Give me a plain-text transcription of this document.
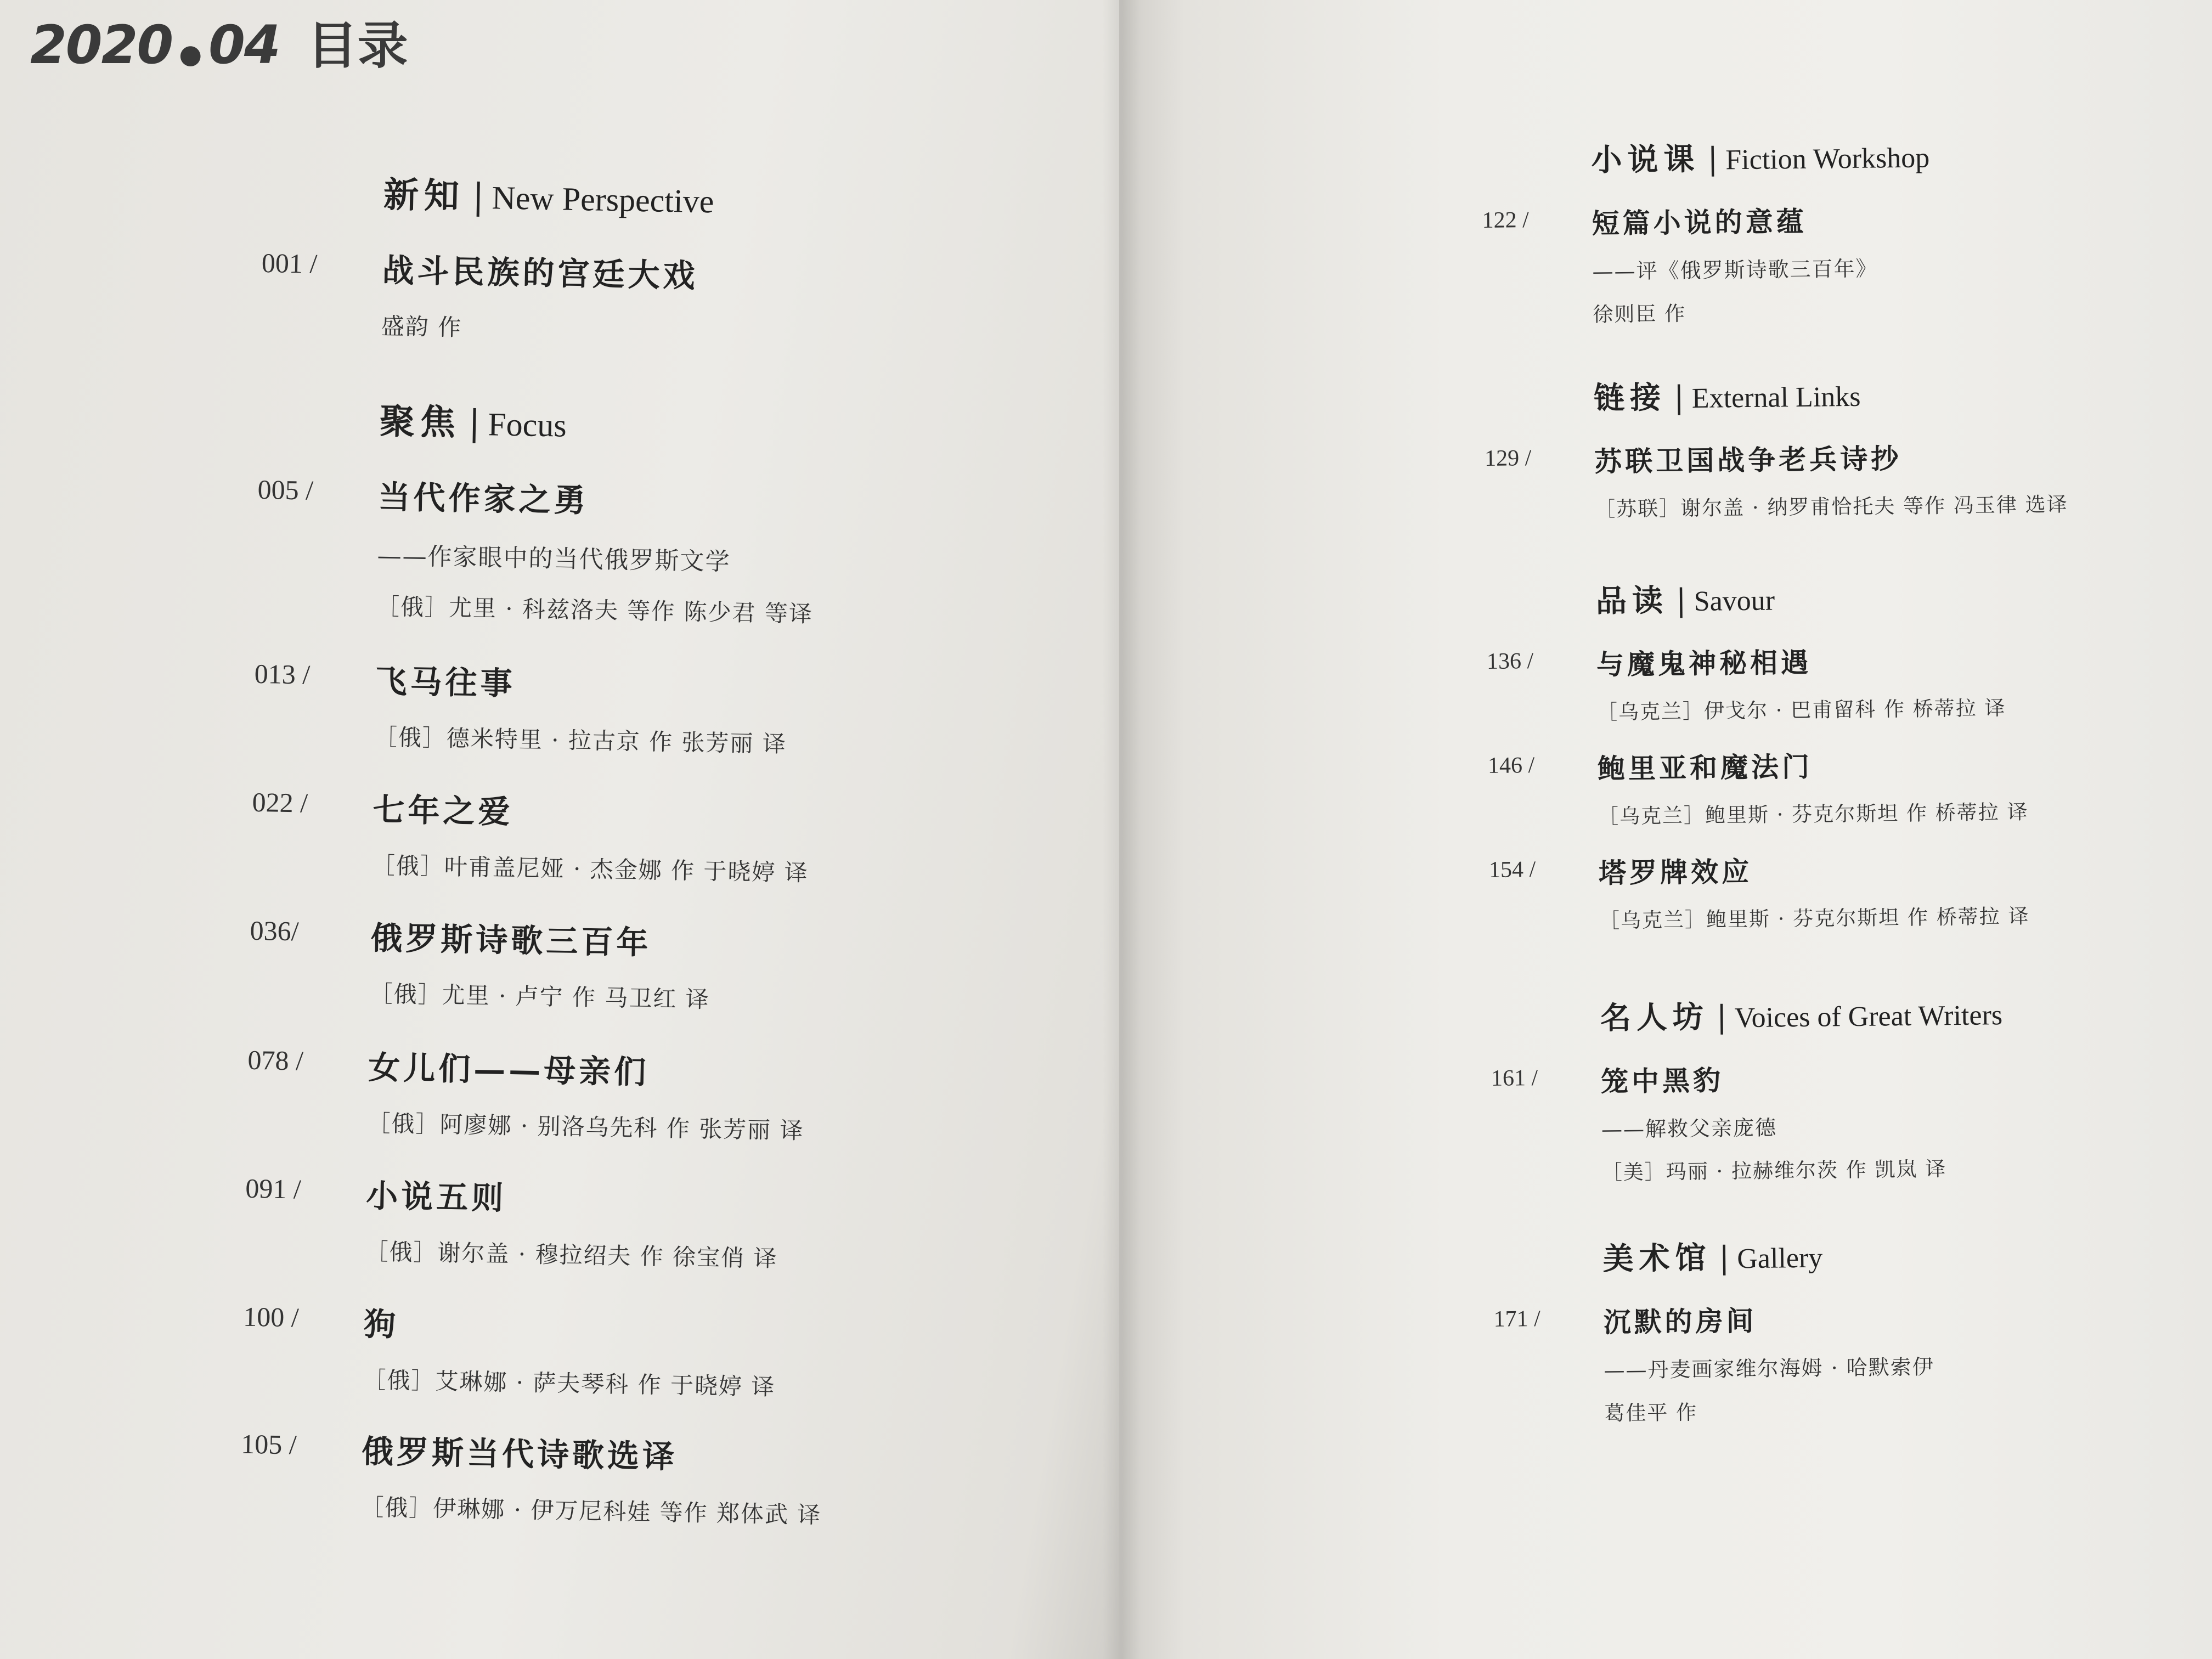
2020 ● 04 目录
新知 | New Perspective
001 /	战斗民族的宫廷大戏
盛韵 作
聚焦 | Focus
005 /	当代作家之勇
——作家眼中的当代俄罗斯文学
［俄］尤里 · 科兹洛夫 等作 陈少君 等译
013 /	飞马往事
［俄］德米特里 · 拉古京 作 张芳丽 译
022 /	七年之爱
［俄］叶甫盖尼娅 · 杰金娜 作 于晓婷 译
036/	俄罗斯诗歌三百年
［俄］尤里 · 卢宁 作 马卫红 译
078 /	女儿们——母亲们
［俄］阿廖娜 · 别洛乌先科 作 张芳丽 译
091 /	小说五则
［俄］谢尔盖 · 穆拉绍夫 作 徐宝俏 译
100 /	狗
［俄］艾琳娜 · 萨夫琴科 作 于晓婷 译
105 /	俄罗斯当代诗歌选译
［俄］伊琳娜 · 伊万尼科娃 等作 郑体武 译
小说课 | Fiction Workshop
122 /	短篇小说的意蕴
——评《俄罗斯诗歌三百年》
徐则臣 作
链接 | External Links
129 /	苏联卫国战争老兵诗抄
［苏联］谢尔盖 · 纳罗甫恰托夫 等作 冯玉律 选译
品读 | Savour
136 /	与魔鬼神秘相遇
［乌克兰］伊戈尔 · 巴甫留科 作 桥蒂拉 译
146 /	鲍里亚和魔法门
［乌克兰］鲍里斯 · 芬克尔斯坦 作 桥蒂拉 译
154 /	塔罗牌效应
［乌克兰］鲍里斯 · 芬克尔斯坦 作 桥蒂拉 译
名人坊 | Voices of Great Writers
161 /	笼中黑豹
——解救父亲庞德
［美］玛丽 · 拉赫维尔茨 作 凯岚 译
美术馆 | Gallery
171 /	沉默的房间
——丹麦画家维尔海姆 · 哈默索伊
葛佳平 作
